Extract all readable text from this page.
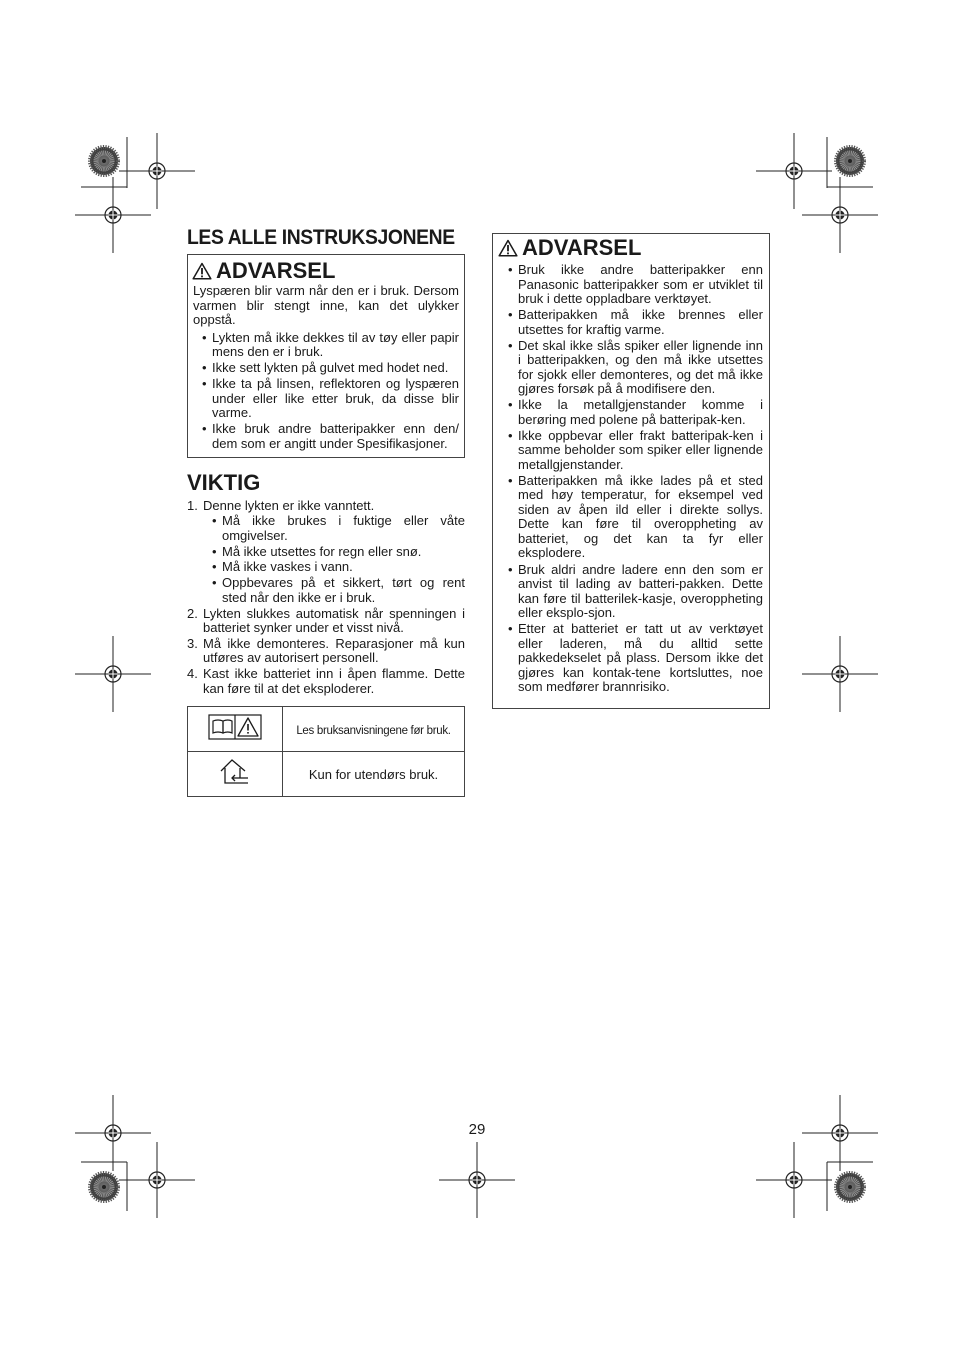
LES ALLE INSTRUKSJONENE
ADVARSEL

Lyspæren blir varm når den er i bruk. Dersom varmen blir stengt inne, kan det ulykker oppstå.

• Lykten må ikke dekkes til av tøy eller papir mens den er i bruk.
• Ikke sett lykten på gulvet med hodet ned.
• Ikke ta på linsen, reflektoren og lyspæren under eller like etter bruk, da disse blir varme.
• Ikke bruk andre batteripakker enn den/ dem som er angitt under Spesifikasjoner.
VIKTIG
1. Denne lykten er ikke vanntett.
• Må ikke brukes i fuktige eller våte omgivelser.
• Må ikke utsettes for regn eller snø.
• Må ikke vaskes i vann.
• Oppbevares på et sikkert, tørt og rent sted når den ikke er i bruk.
2. Lykten slukkes automatisk når spenningen i batteriet synker under et visst nivå.
3. Må ikke demonteres. Reparasjoner må kun utføres av autorisert personell.
4. Kast ikke batteriet inn i åpen flamme. Dette kan føre til at det eksploderer.
	Les bruksanvisningene før bruk.
	Kun for utendørs bruk.
ADVARSEL
• Bruk ikke andre batteripakker enn Panasonic batteripakker som er utviklet til bruk i dette oppladbare verktøyet.
• Batteripakken må ikke brennes eller utsettes for kraftig varme.
• Det skal ikke slås spiker eller lignende inn i batteripakken, og den må ikke utsettes for sjokk eller demonteres, og det må ikke gjøres forsøk på å modifisere den.
• Ikke la metallgjenstander komme i berøring med polene på batteripak-ken.
• Ikke oppbevar eller frakt batteripak-ken i samme beholder som spiker eller lignende metallgjenstander.
• Batteripakken må ikke lades på et sted med høy temperatur, for eksempel ved siden av åpen ild eller i direkte sollys. Dette kan føre til overoppheting av batteriet, og det kan ta fyr eller eksplodere.
• Bruk aldri andre ladere enn den som er anvist til lading av batteri-pakken. Dette kan føre til batterilek-kasje, overoppheting eller eksplo-sjon.
• Etter at batteriet er tatt ut av verktøyet eller laderen, må du alltid sette pakkedekselet på plass. Dersom ikke det gjøres kan kontak-tene kortsluttes, noe som medfører brannrisiko.
29
